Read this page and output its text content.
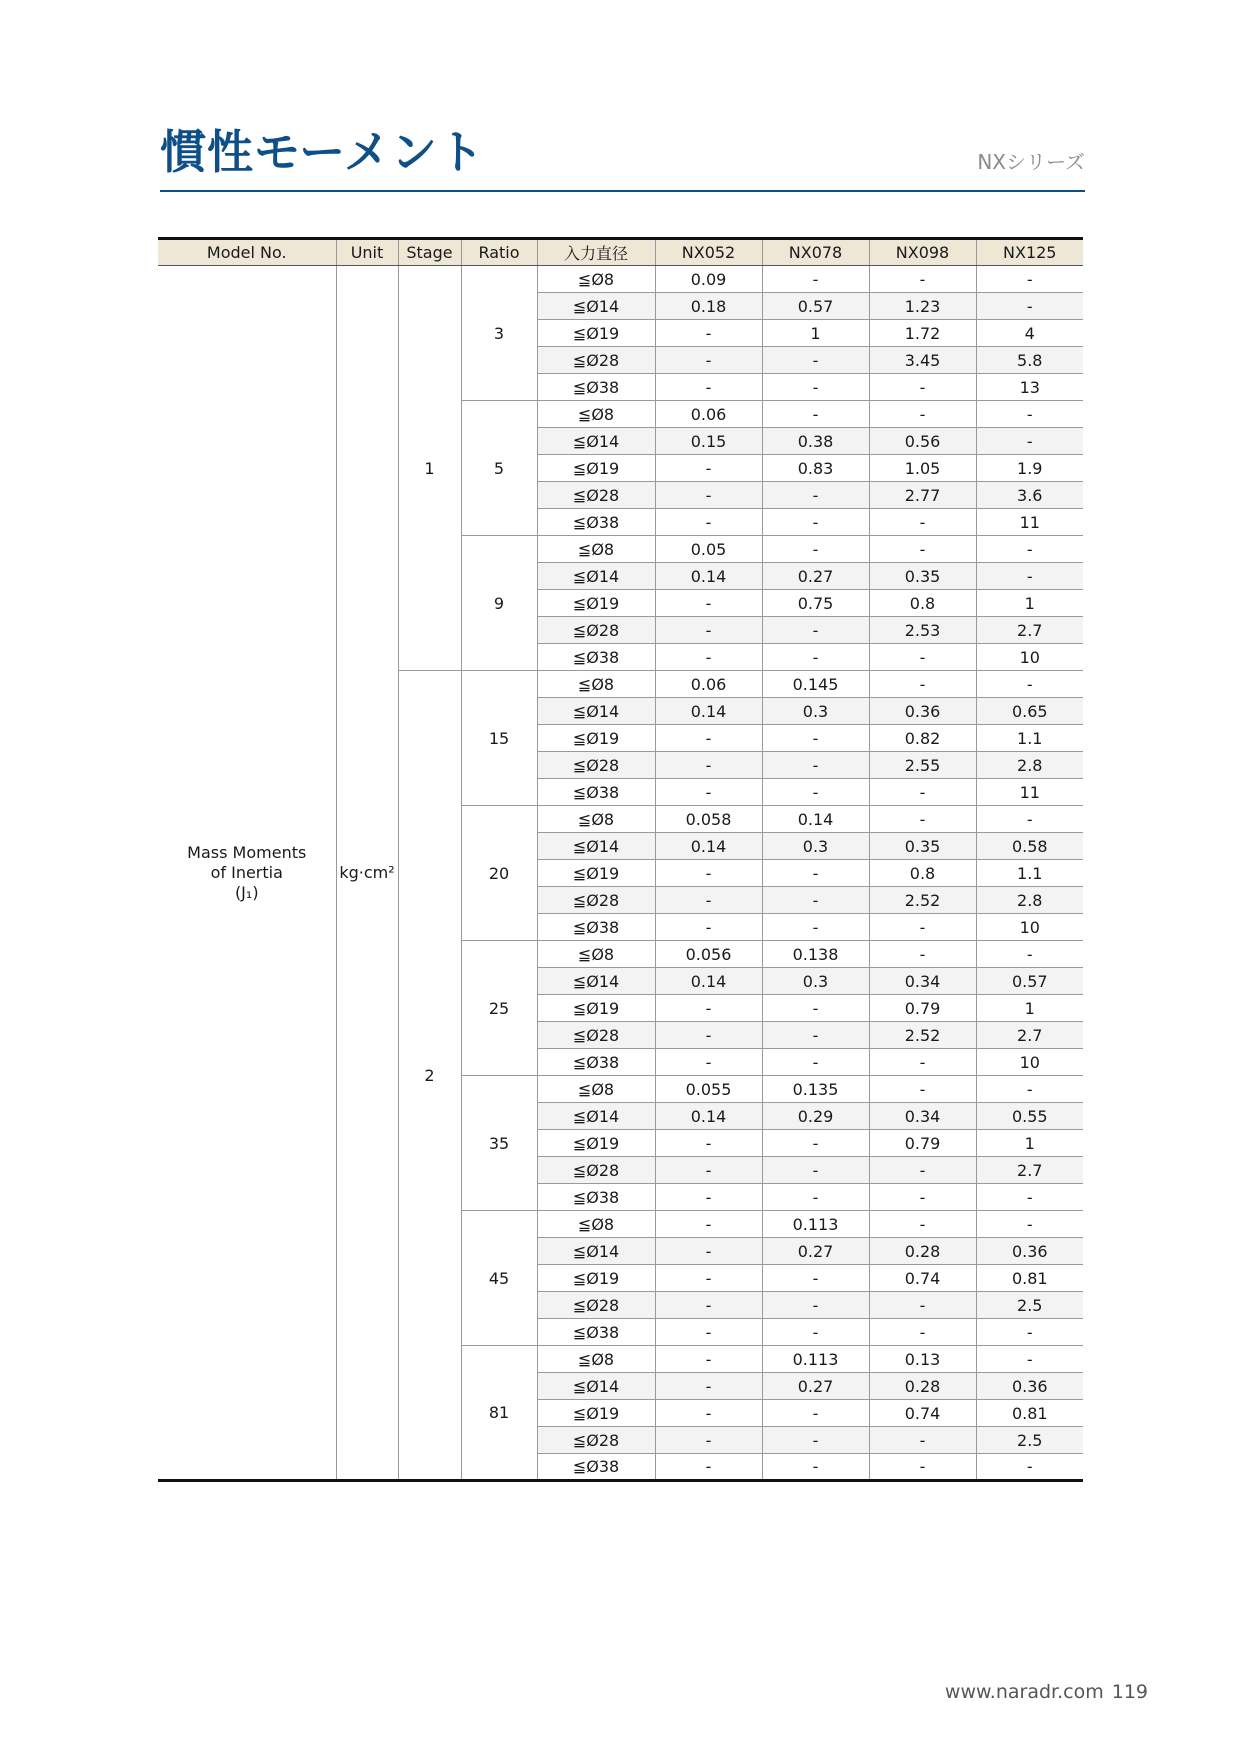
慣性モーメント	NXシリーズ
Model No.	Unit	Stage	Ratio	入力直径	NX052	NX078	NX098	NX125

Mass Moments
of Inertia
(J₁)	kg·cm²	1	3	≦Ø8	0.09	-	-	-
				≦Ø14	0.18	0.57	1.23	-
				≦Ø19	-	1	1.72	4
				≦Ø28	-	-	3.45	5.8
				≦Ø38	-	-	-	13
			5	≦Ø8	0.06	-	-	-
				≦Ø14	0.15	0.38	0.56	-
				≦Ø19	-	0.83	1.05	1.9
				≦Ø28	-	-	2.77	3.6
				≦Ø38	-	-	-	11
			9	≦Ø8	0.05	-	-	-
				≦Ø14	0.14	0.27	0.35	-
				≦Ø19	-	0.75	0.8	1
				≦Ø28	-	-	2.53	2.7
				≦Ø38	-	-	-	10
		2	15	≦Ø8	0.06	0.145	-	-
				≦Ø14	0.14	0.3	0.36	0.65
				≦Ø19	-	-	0.82	1.1
				≦Ø28	-	-	2.55	2.8
				≦Ø38	-	-	-	11
			20	≦Ø8	0.058	0.14	-	-
				≦Ø14	0.14	0.3	0.35	0.58
				≦Ø19	-	-	0.8	1.1
				≦Ø28	-	-	2.52	2.8
				≦Ø38	-	-	-	10
			25	≦Ø8	0.056	0.138	-	-
				≦Ø14	0.14	0.3	0.34	0.57
				≦Ø19	-	-	0.79	1
				≦Ø28	-	-	2.52	2.7
				≦Ø38	-	-	-	10
			35	≦Ø8	0.055	0.135	-	-
				≦Ø14	0.14	0.29	0.34	0.55
				≦Ø19	-	-	0.79	1
				≦Ø28	-	-	-	2.7
				≦Ø38	-	-	-	-
			45	≦Ø8	-	0.113	-	-
				≦Ø14	-	0.27	0.28	0.36
				≦Ø19	-	-	0.74	0.81
				≦Ø28	-	-	-	2.5
				≦Ø38	-	-	-	-
			81	≦Ø8	-	0.113	0.13	-
				≦Ø14	-	0.27	0.28	0.36
				≦Ø19	-	-	0.74	0.81
				≦Ø28	-	-	-	2.5
				≦Ø38	-	-	-	-
www.naradr.com 119
